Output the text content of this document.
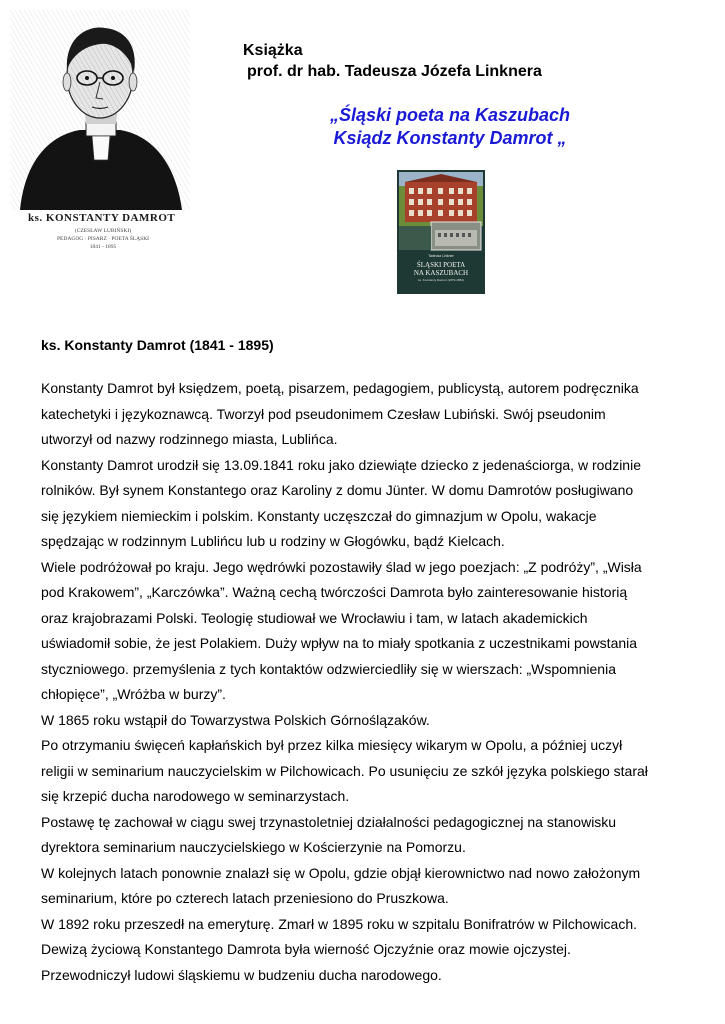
ks. KONSTANTY DAMROT
(CZESŁAW LUBIŃSKI)
PEDAGOG · PISARZ · POETA ŚLĄSKI
1841 - 1895
Książka
prof. dr hab. Tadeusza Józefa Linknera
„Śląski poeta na Kaszubach
Ksiądz Konstanty Damrot „
Tadeusz Linkner
ŚLĄSKI POETA
NA KASZUBACH
ks. Konstanty Damrot (1879-1884)
ks. Konstanty Damrot (1841 - 1895)

Konstanty Damrot był księdzem, poetą, pisarzem, pedagogiem, publicystą, autorem podręcznika

katechetyki i językoznawcą. Tworzył pod pseudonimem Czesław Lubiński. Swój pseudonim

utworzył od nazwy rodzinnego miasta, Lublińca.

Konstanty Damrot urodził się 13.09.1841 roku jako dziewiąte dziecko z jedenaściorga, w rodzinie

rolników. Był synem Konstantego oraz Karoliny z domu Jünter. W domu Damrotów posługiwano

się językiem niemieckim i polskim. Konstanty uczęszczał do gimnazjum w Opolu, wakacje

spędzając w rodzinnym Lublińcu lub u rodziny w Głogówku, bądź Kielcach.

Wiele podróżował po kraju. Jego wędrówki pozostawiły ślad w jego poezjach: „Z podróży”, „Wisła

pod Krakowem”, „Karczówka”. Ważną cechą twórczości Damrota było zainteresowanie historią

oraz krajobrazami Polski. Teologię studiował we Wrocławiu i tam, w latach akademickich

uświadomił sobie, że jest Polakiem. Duży wpływ na to miały spotkania z uczestnikami powstania

styczniowego. przemyślenia z tych kontaktów odzwierciedliły się w wierszach: „Wspomnienia

chłopięce”, „Wróżba w burzy”.

W 1865 roku wstąpił do Towarzystwa Polskich Górnoślązaków.

Po otrzymaniu święceń kapłańskich był przez kilka miesięcy wikarym w Opolu, a później uczył

religii w seminarium nauczycielskim w Pilchowicach. Po usunięciu ze szkół języka polskiego starał

się krzepić ducha narodowego w seminarzystach.

Postawę tę zachował w ciągu swej trzynastoletniej działalności pedagogicznej na stanowisku

dyrektora seminarium nauczycielskiego w Kościerzynie na Pomorzu.

W kolejnych latach ponownie znalazł się w Opolu, gdzie objął kierownictwo nad nowo założonym

seminarium, które po czterech latach przeniesiono do Pruszkowa.

W 1892 roku przeszedł na emeryturę. Zmarł w 1895 roku w szpitalu Bonifratrów w Pilchowicach.

Dewizą życiową Konstantego Damrota była wierność Ojczyźnie oraz mowie ojczystej.

Przewodniczył ludowi śląskiemu w budzeniu ducha narodowego.
